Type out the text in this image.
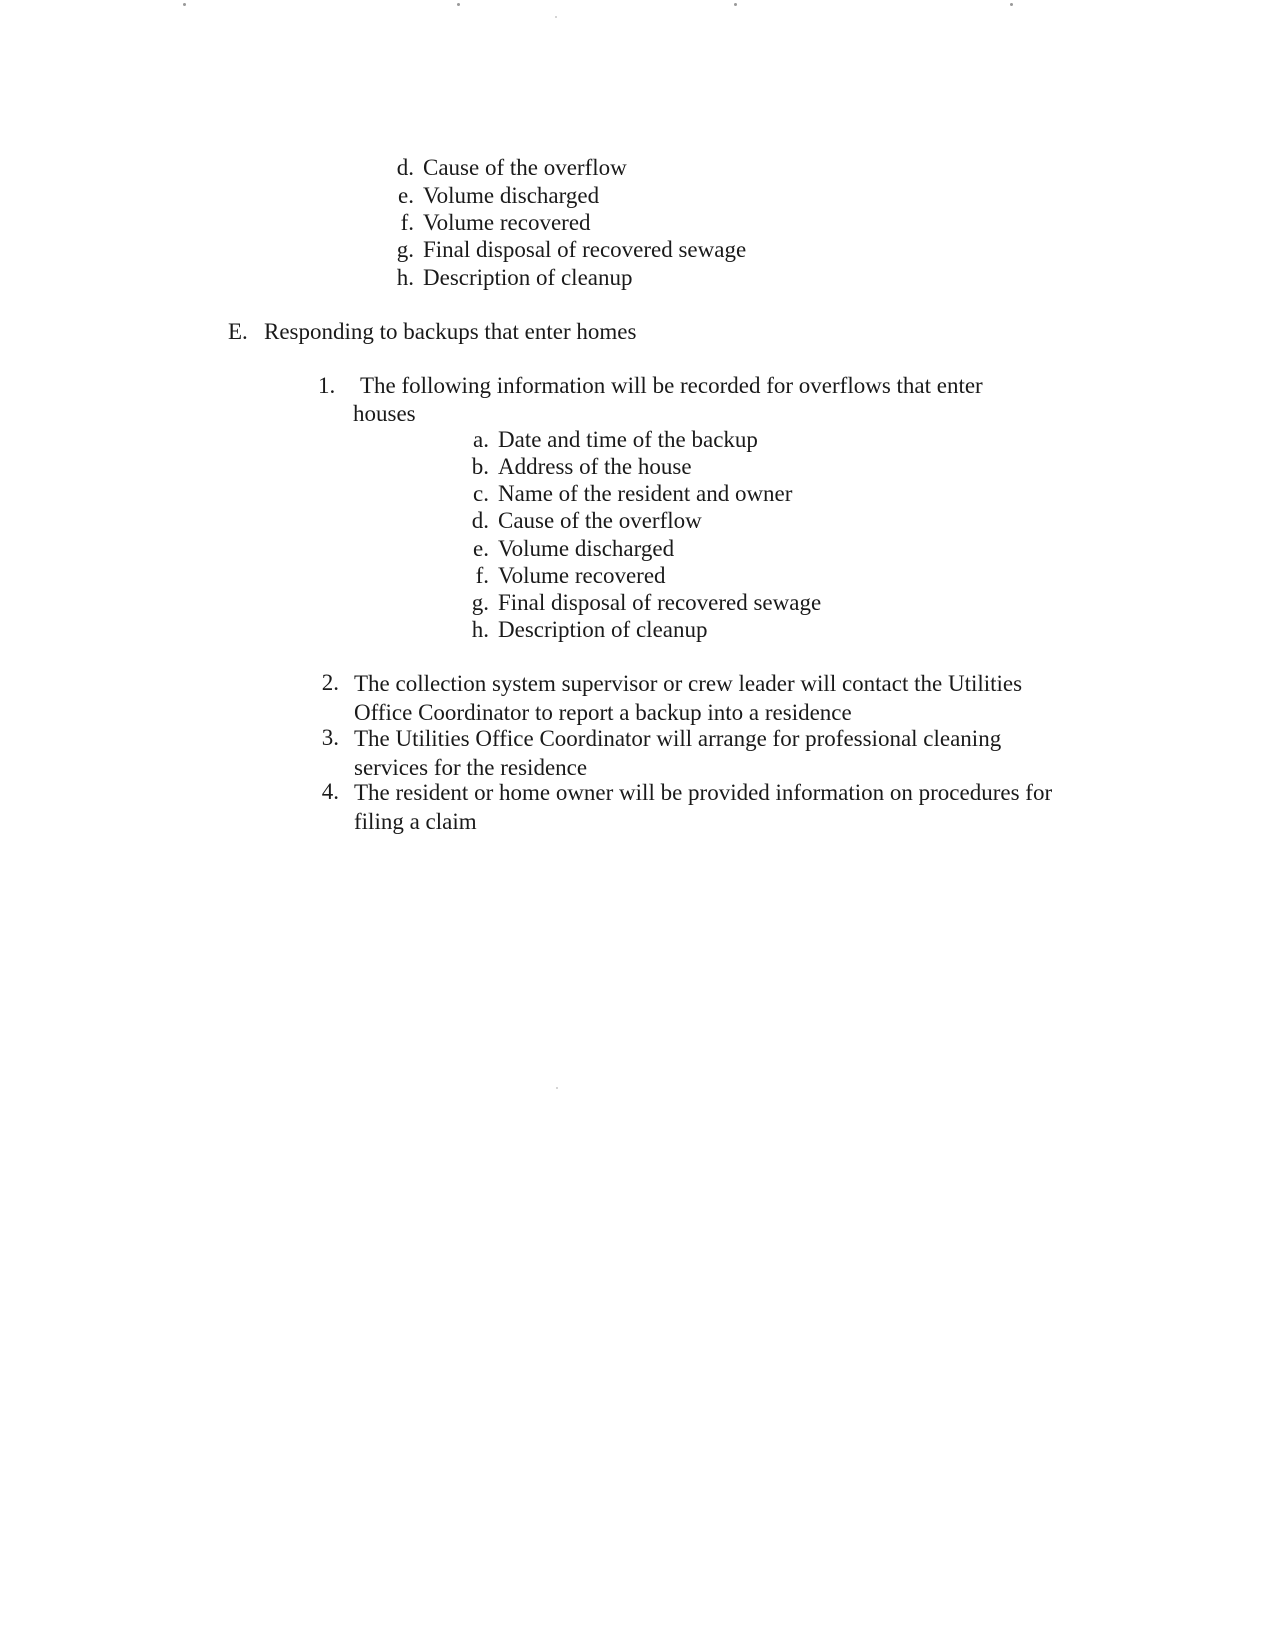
d. Cause of the overflow
e. Volume discharged
f. Volume recovered
g. Final disposal of recovered sewage
h. Description of cleanup
E. Responding to backups that enter homes
1. The following information will be recorded for overflows that enter
houses
a. Date and time of the backup
b. Address of the house
c. Name of the resident and owner
d. Cause of the overflow
e. Volume discharged
f. Volume recovered
g. Final disposal of recovered sewage
h. Description of cleanup
2. The collection system supervisor or crew leader will contact the Utilities Office Coordinator to report a backup into a residence
3. The Utilities Office Coordinator will arrange for professional cleaning services for the residence
4. The resident or home owner will be provided information on procedures for filing a claim
